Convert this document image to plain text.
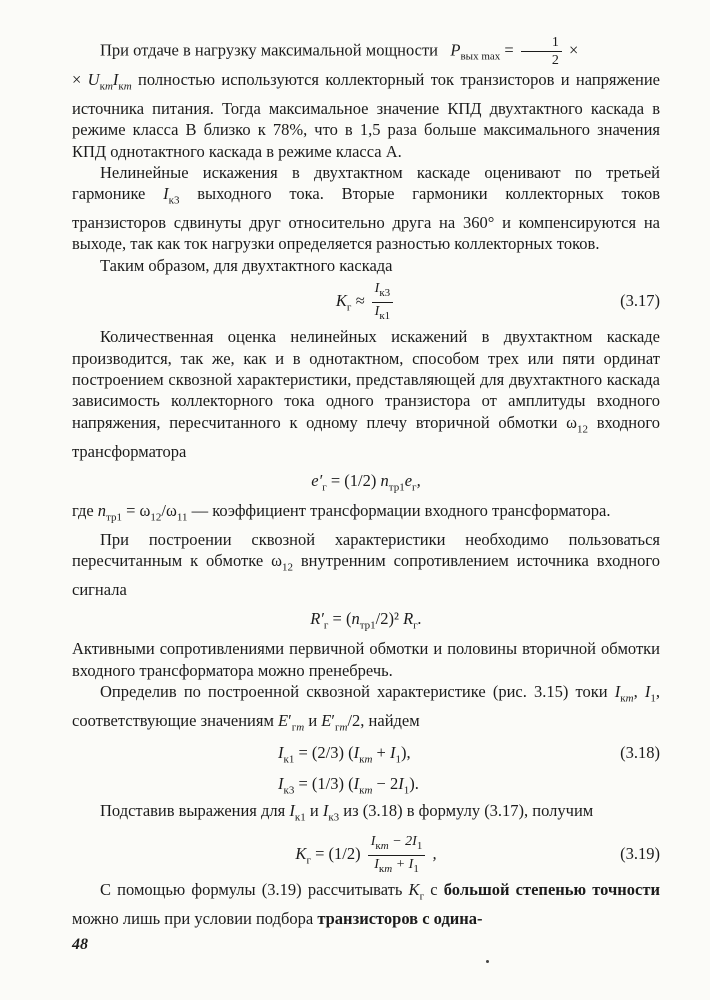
При отдаче в нагрузку максимальной мощности   $P_{вых max} = \frac{1}{2}$ ×
× $U_{кm}I_{кm}$ полностью используются коллекторный ток транзисторов и напряжение источника питания. Тогда максимальное значение КПД двухтактного каскада в режиме класса В близко к 78%, что в 1,5 раза больше максимального значения КПД однотактного каскада в режиме класса А.

Нелинейные искажения в двухтактном каскаде оценивают по третьей гармонике $I_{к3}$ выходного тока. Вторые гармоники коллекторных токов транзисторов сдвинуты друг относительно друга на 360° и компенсируются на выходе, так как ток нагрузки определяется разностью коллекторных токов.

Таким образом, для двухтактного каскада

$K_г \approx \frac{I_{к3}}{I_{к1}}$	(3.17)

Количественная оценка нелинейных искажений в двухтактном каскаде производится, так же, как и в однотактном, способом трех или пяти ординат построением сквозной характеристики, представляющей для двухтактного каскада зависимость коллекторного тока одного транзистора от амплитуды входного напряжения, пересчитанного к одному плечу вторичной обмотки $\omega_{12}$ входного трансформатора

$e'_г = (1/2)$ $n_{тр1}e_г$,

где $n_{тр1} = \omega_{12}/\omega_{11}$ — коэффициент трансформации входного трансформатора.

При построении сквозной характеристики необходимо пользоваться пересчитанным к обмотке $\omega_{12}$ внутренним сопротивлением источника входного сигнала

$R'_г = (n_{тр1}/2)^2$ $R_г$.

Активными сопротивлениями первичной обмотки и половины вторичной обмотки входного трансформатора можно пренебречь.

Определив по построенной сквозной характеристике (рис. 3.15) токи $I_{кm}$, $I_1$, соответствующие значениям $E'_{гm}$ и $E'_{гm}/2$, найдем

$I_{к1} = (2/3) (I_{кm} + I_1)$,	(3.18)
$I_{к3} = (1/3) (I_{кm} - 2I_1)$.

Подставив выражения для $I_{к1}$ и $I_{к3}$ из (3.18) в формулу (3.17), получим

$K_г = (1/2) \frac{I_{кm} - 2I_1}{I_{кm} + I_1}$ ,	(3.19)

С помощью формулы (3.19) рассчитывать $K_г$ с большой степенью точности можно лишь при условии подбора транзисторов с одина-

48
